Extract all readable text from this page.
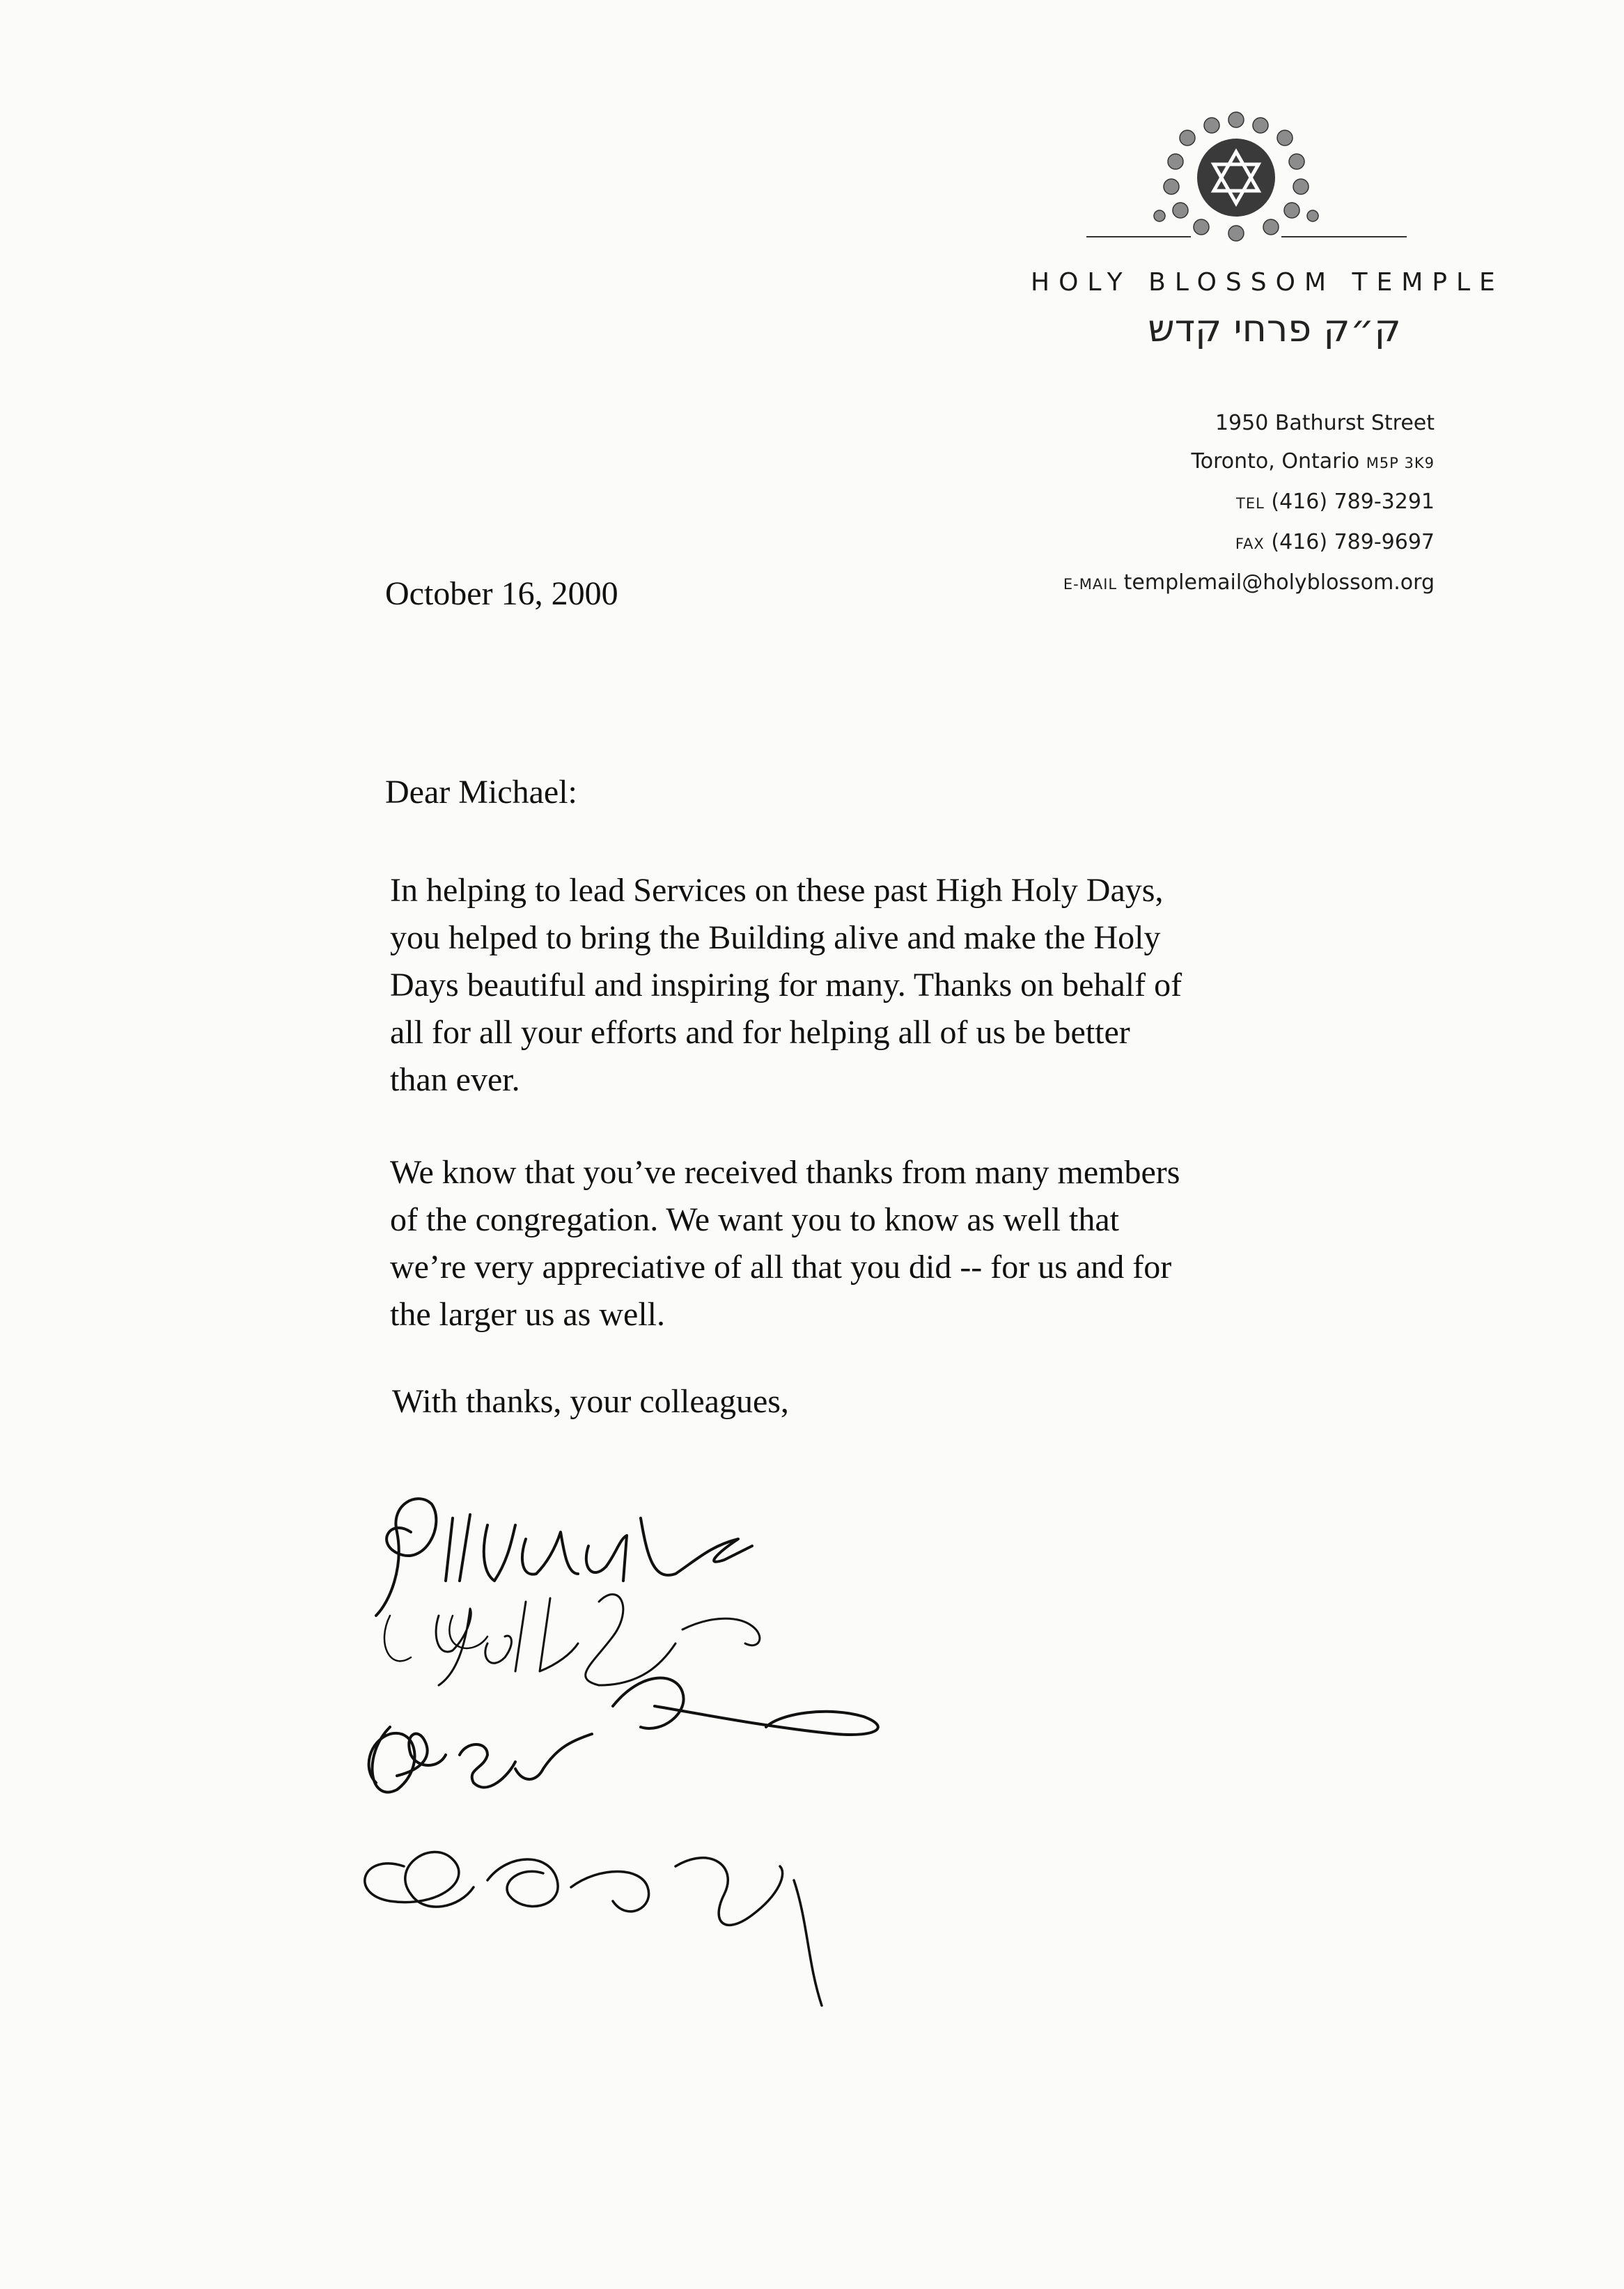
HOLY BLOSSOM TEMPLE
ק״ק פרחי קדש
1950 Bathurst Street
Toronto, Ontario M5P 3K9
TEL (416) 789-3291
FAX (416) 789-9697
E-MAIL templemail@holyblossom.org
October 16, 2000
Dear Michael:

In helping to lead Services on these past High Holy Days,
you helped to bring the Building alive and make the Holy
Days beautiful and inspiring for many. Thanks on behalf of
all for all your efforts and for helping all of us be better
than ever.

We know that you’ve received thanks from many members
of the congregation. We want you to know as well that
we’re very appreciative of all that you did -- for us and for
the larger us as well.

With thanks, your colleagues,
